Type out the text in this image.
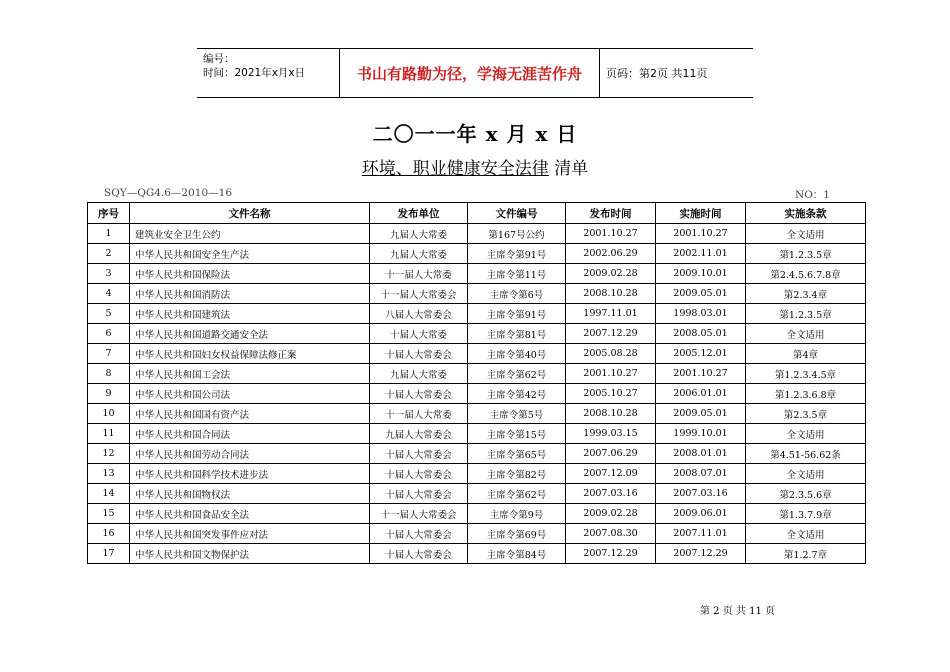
编号：
时间：2021年x月x日	书山有路勤为径，学海无涯苦作舟	页码：第2页 共11页
二〇一一年 x 月 x 日
环境、职业健康安全法律 清单
SQY—QG4.6—2010—16	NO：1
序号	文件名称	发布单位	文件编号	发布时间	实施时间	实施条款
1	建筑业安全卫生公约	九届人大常委	第167号公约	2001.10.27	2001.10.27	全文适用
2	中华人民共和国安全生产法	九届人大常委	主席令第91号	2002.06.29	2002.11.01	第1.2.3.5章
3	中华人民共和国保险法	十一届人大常委	主席令第11号	2009.02.28	2009.10.01	第2.4.5.6.7.8章
4	中华人民共和国消防法	十一届人大常委会	主席令第6号	2008.10.28	2009.05.01	第2.3.4章
5	中华人民共和国建筑法	八届人大常委会	主席令第91号	1997.11.01	1998.03.01	第1.2.3.5章
6	中华人民共和国道路交通安全法	十届人大常委	主席令第81号	2007.12.29	2008.05.01	全文适用
7	中华人民共和国妇女权益保障法修正案	十届人大常委会	主席令第40号	2005.08.28	2005.12.01	第4章
8	中华人民共和国工会法	九届人大常委	主席令第62号	2001.10.27	2001.10.27	第1.2.3.4.5章
9	中华人民共和国公司法	十届人大常委会	主席令第42号	2005.10.27	2006.01.01	第1.2.3.6.8章
10	中华人民共和国国有资产法	十一届人大常委	主席令第5号	2008.10.28	2009.05.01	第2.3.5章
11	中华人民共和国合同法	九届人大常委会	主席令第15号	1999.03.15	1999.10.01	全文适用
12	中华人民共和国劳动合同法	十届人大常委会	主席令第65号	2007.06.29	2008.01.01	第4.51-56.62条
13	中华人民共和国科学技术进步法	十届人大常委会	主席令第82号	2007.12.09	2008.07.01	全文适用
14	中华人民共和国物权法	十届人大常委会	主席令第62号	2007.03.16	2007.03.16	第2.3.5.6章
15	中华人民共和国食品安全法	十一届人大常委会	主席令第9号	2009.02.28	2009.06.01	第1.3.7.9章
16	中华人民共和国突发事件应对法	十届人大常委会	主席令第69号	2007.08.30	2007.11.01	全文适用
17	中华人民共和国文物保护法	十届人大常委会	主席令第84号	2007.12.29	2007.12.29	第1.2.7章
第 2 页 共 11 页
